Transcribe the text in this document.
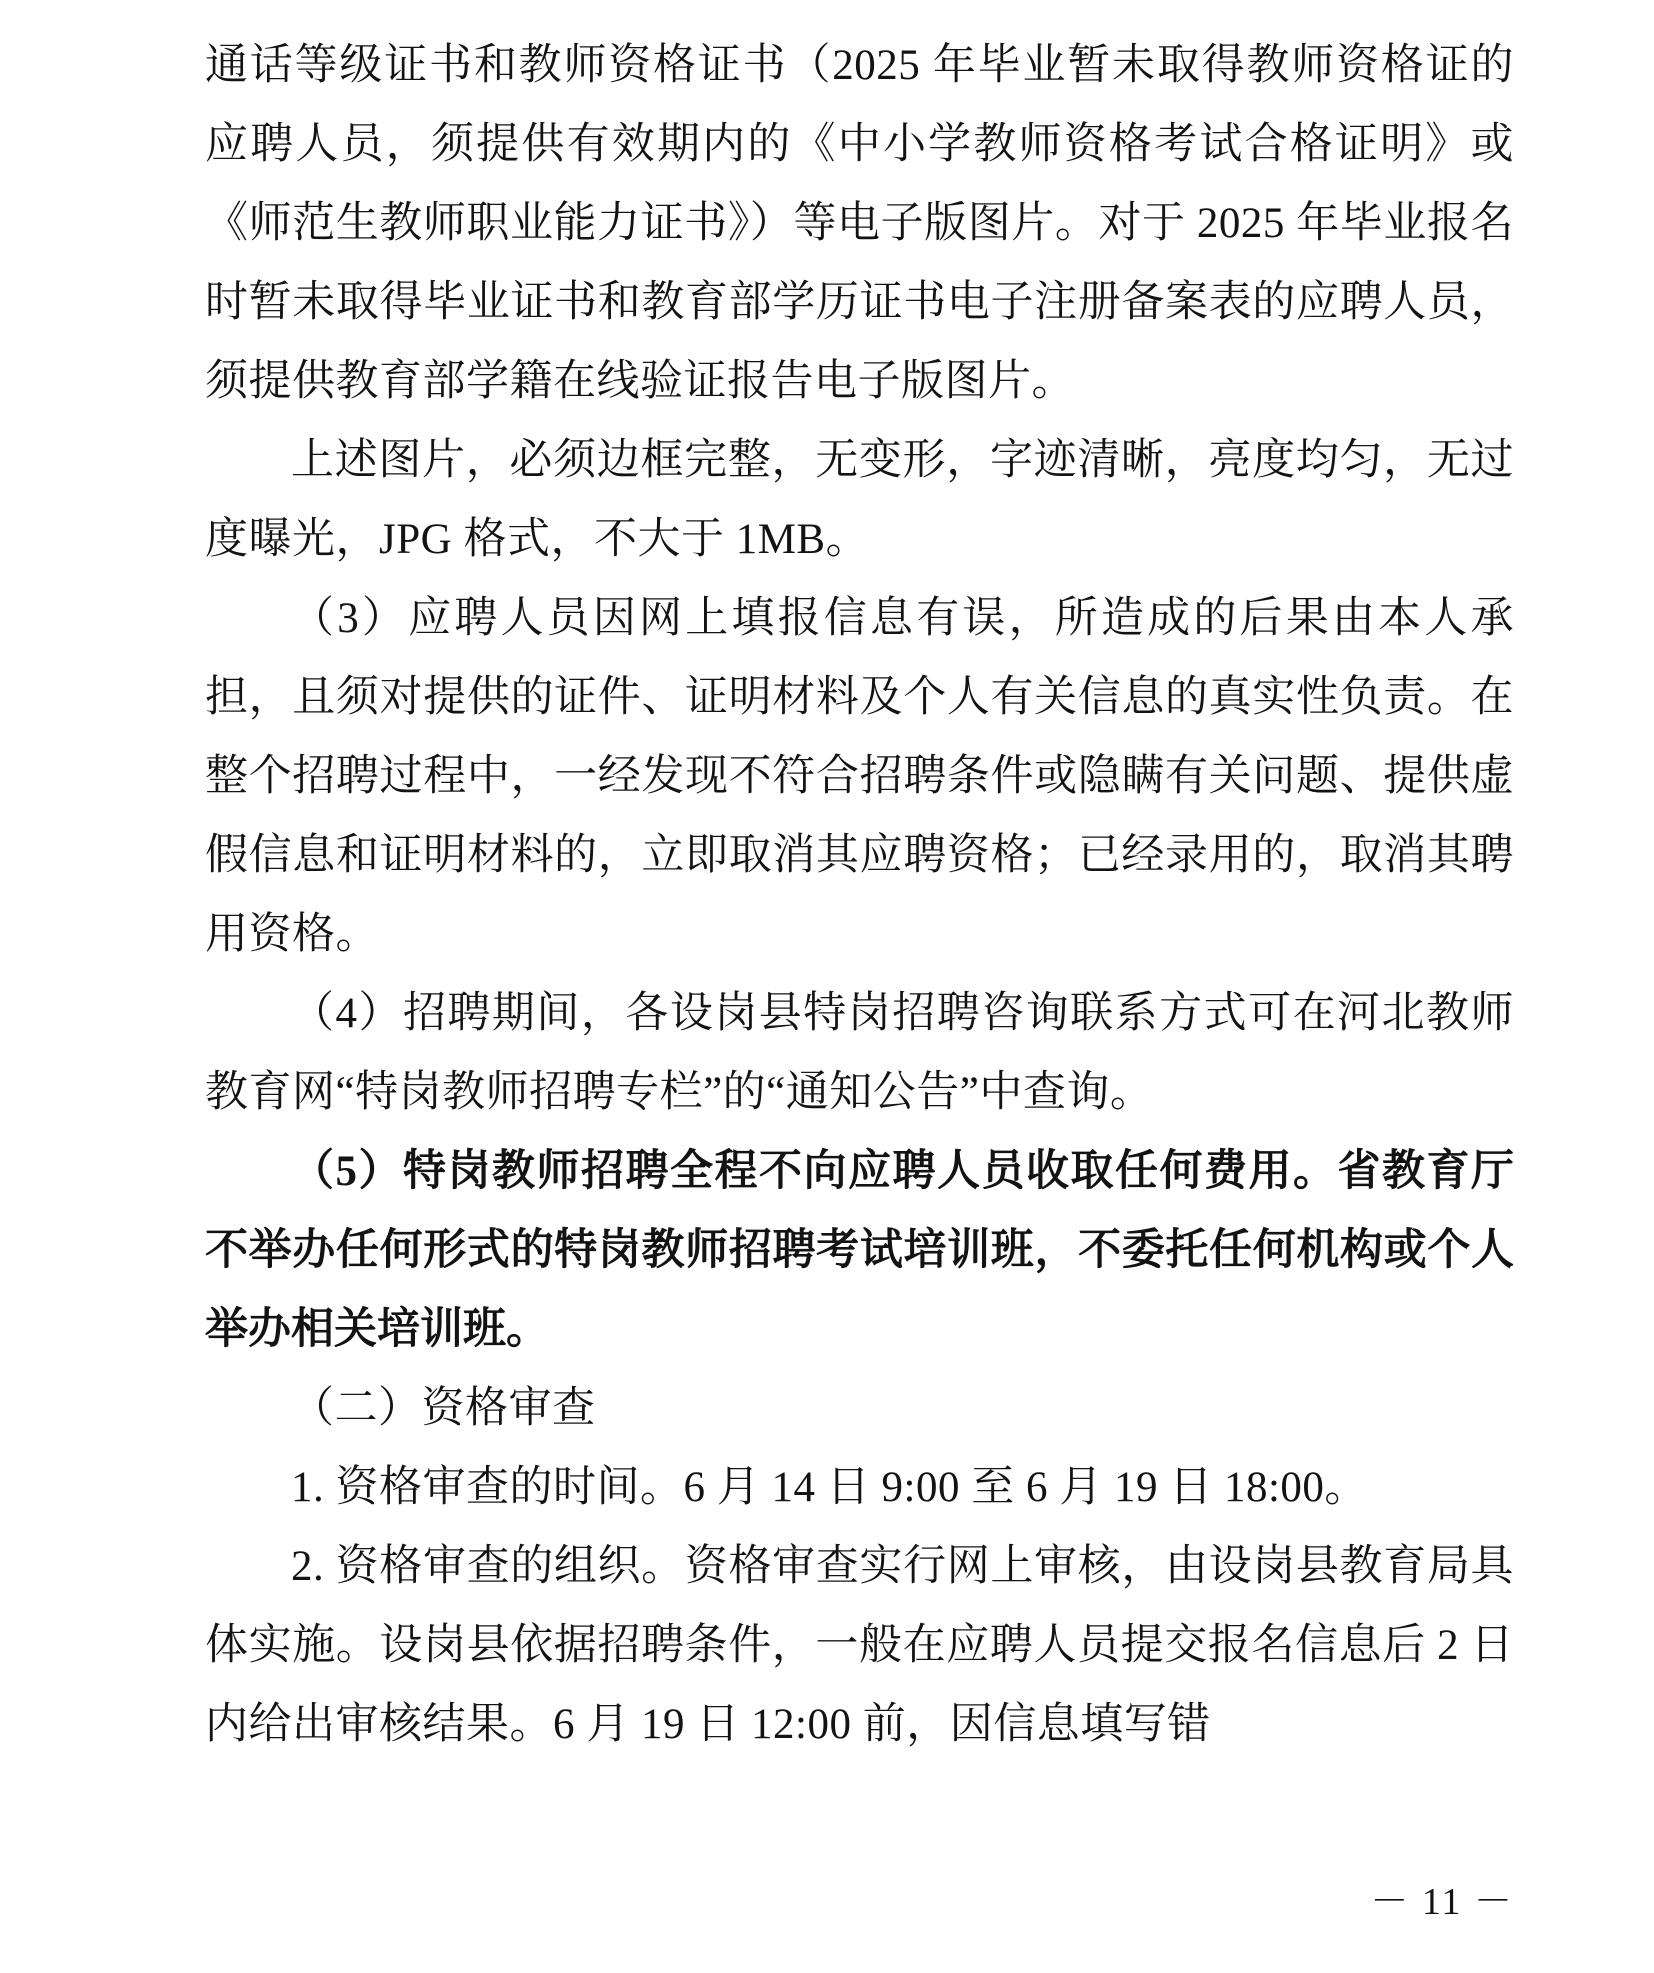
通话等级证书和教师资格证书（2025 年毕业暂未取得教师资格证的应聘人员，须提供有效期内的《中小学教师资格考试合格证明》或《师范生教师职业能力证书》）等电子版图片。对于 2025 年毕业报名时暂未取得毕业证书和教育部学历证书电子注册备案表的应聘人员，须提供教育部学籍在线验证报告电子版图片。

上述图片，必须边框完整，无变形，字迹清晰，亮度均匀，无过度曝光，JPG 格式，不大于 1MB。

（3）应聘人员因网上填报信息有误，所造成的后果由本人承担，且须对提供的证件、证明材料及个人有关信息的真实性负责。在整个招聘过程中，一经发现不符合招聘条件或隐瞒有关问题、提供虚假信息和证明材料的，立即取消其应聘资格；已经录用的，取消其聘用资格。

（4）招聘期间，各设岗县特岗招聘咨询联系方式可在河北教师教育网“特岗教师招聘专栏”的“通知公告”中查询。

（5）特岗教师招聘全程不向应聘人员收取任何费用。省教育厅不举办任何形式的特岗教师招聘考试培训班，不委托任何机构或个人举办相关培训班。

（二）资格审查

1. 资格审查的时间。6 月 14 日 9:00 至 6 月 19 日 18:00。

2. 资格审查的组织。资格审查实行网上审核，由设岗县教育局具体实施。设岗县依据招聘条件，一般在应聘人员提交报名信息后 2 日内给出审核结果。6 月 19 日 12:00 前，因信息填写错

－ 11 －
